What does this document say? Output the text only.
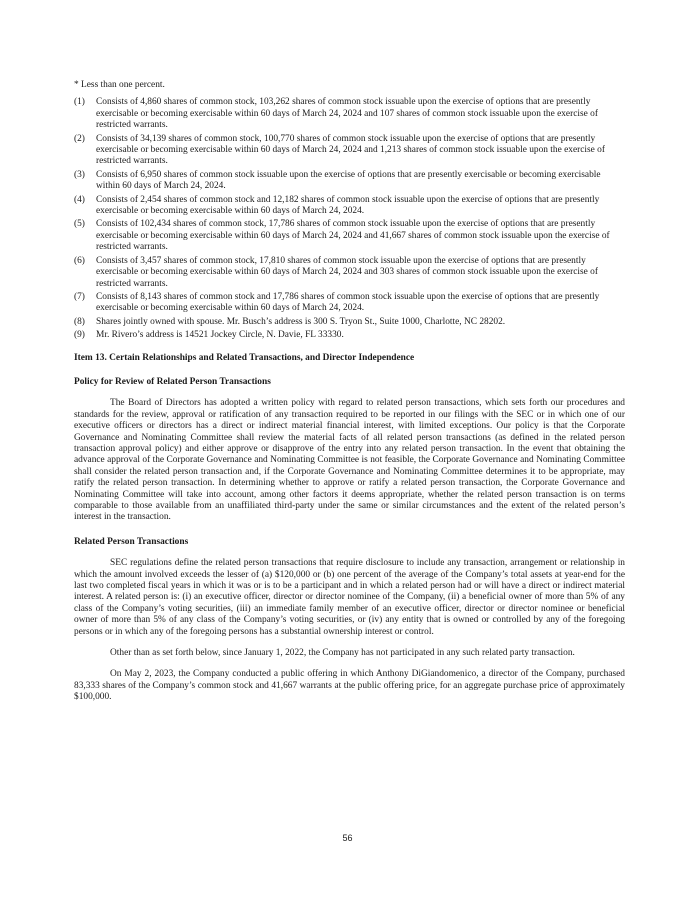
* Less than one percent.

(1) Consists of 4,860 shares of common stock, 103,262 shares of common stock issuable upon the exercise of options that are presently exercisable or becoming exercisable within 60 days of March 24, 2024 and 107 shares of common stock issuable upon the exercise of restricted warrants.
(2) Consists of 34,139 shares of common stock, 100,770 shares of common stock issuable upon the exercise of options that are presently exercisable or becoming exercisable within 60 days of March 24, 2024 and 1,213 shares of common stock issuable upon the exercise of restricted warrants.
(3) Consists of 6,950 shares of common stock issuable upon the exercise of options that are presently exercisable or becoming exercisable within 60 days of March 24, 2024.
(4) Consists of 2,454 shares of common stock and 12,182 shares of common stock issuable upon the exercise of options that are presently exercisable or becoming exercisable within 60 days of March 24, 2024.
(5) Consists of 102,434 shares of common stock, 17,786 shares of common stock issuable upon the exercise of options that are presently exercisable or becoming exercisable within 60 days of March 24, 2024 and 41,667 shares of common stock issuable upon the exercise of restricted warrants.
(6) Consists of 3,457 shares of common stock, 17,810 shares of common stock issuable upon the exercise of options that are presently exercisable or becoming exercisable within 60 days of March 24, 2024 and 303 shares of common stock issuable upon the exercise of restricted warrants.
(7) Consists of 8,143 shares of common stock and 17,786 shares of common stock issuable upon the exercise of options that are presently exercisable or becoming exercisable within 60 days of March 24, 2024.
(8) Shares jointly owned with spouse. Mr. Busch’s address is 300 S. Tryon St., Suite 1000, Charlotte, NC 28202.
(9) Mr. Rivero’s address is 14521 Jockey Circle, N. Davie, FL 33330.
Item 13. Certain Relationships and Related Transactions, and Director Independence
Policy for Review of Related Person Transactions

The Board of Directors has adopted a written policy with regard to related person transactions, which sets forth our procedures and standards for the review, approval or ratification of any transaction required to be reported in our filings with the SEC or in which one of our executive officers or directors has a direct or indirect material financial interest, with limited exceptions. Our policy is that the Corporate Governance and Nominating Committee shall review the material facts of all related person transactions (as defined in the related person transaction approval policy) and either approve or disapprove of the entry into any related person transaction. In the event that obtaining the advance approval of the Corporate Governance and Nominating Committee is not feasible, the Corporate Governance and Nominating Committee shall consider the related person transaction and, if the Corporate Governance and Nominating Committee determines it to be appropriate, may ratify the related person transaction. In determining whether to approve or ratify a related person transaction, the Corporate Governance and Nominating Committee will take into account, among other factors it deems appropriate, whether the related person transaction is on terms comparable to those available from an unaffiliated third-party under the same or similar circumstances and the extent of the related person’s interest in the transaction.

Related Person Transactions

SEC regulations define the related person transactions that require disclosure to include any transaction, arrangement or relationship in which the amount involved exceeds the lesser of (a) $120,000 or (b) one percent of the average of the Company’s total assets at year-end for the last two completed fiscal years in which it was or is to be a participant and in which a related person had or will have a direct or indirect material interest. A related person is: (i) an executive officer, director or director nominee of the Company, (ii) a beneficial owner of more than 5% of any class of the Company’s voting securities, (iii) an immediate family member of an executive officer, director or director nominee or beneficial owner of more than 5% of any class of the Company’s voting securities, or (iv) any entity that is owned or controlled by any of the foregoing persons or in which any of the foregoing persons has a substantial ownership interest or control.

Other than as set forth below, since January 1, 2022, the Company has not participated in any such related party transaction.

On May 2, 2023, the Company conducted a public offering in which Anthony DiGiandomenico, a director of the Company, purchased 83,333 shares of the Company’s common stock and 41,667 warrants at the public offering price, for an aggregate purchase price of approximately $100,000.

56
